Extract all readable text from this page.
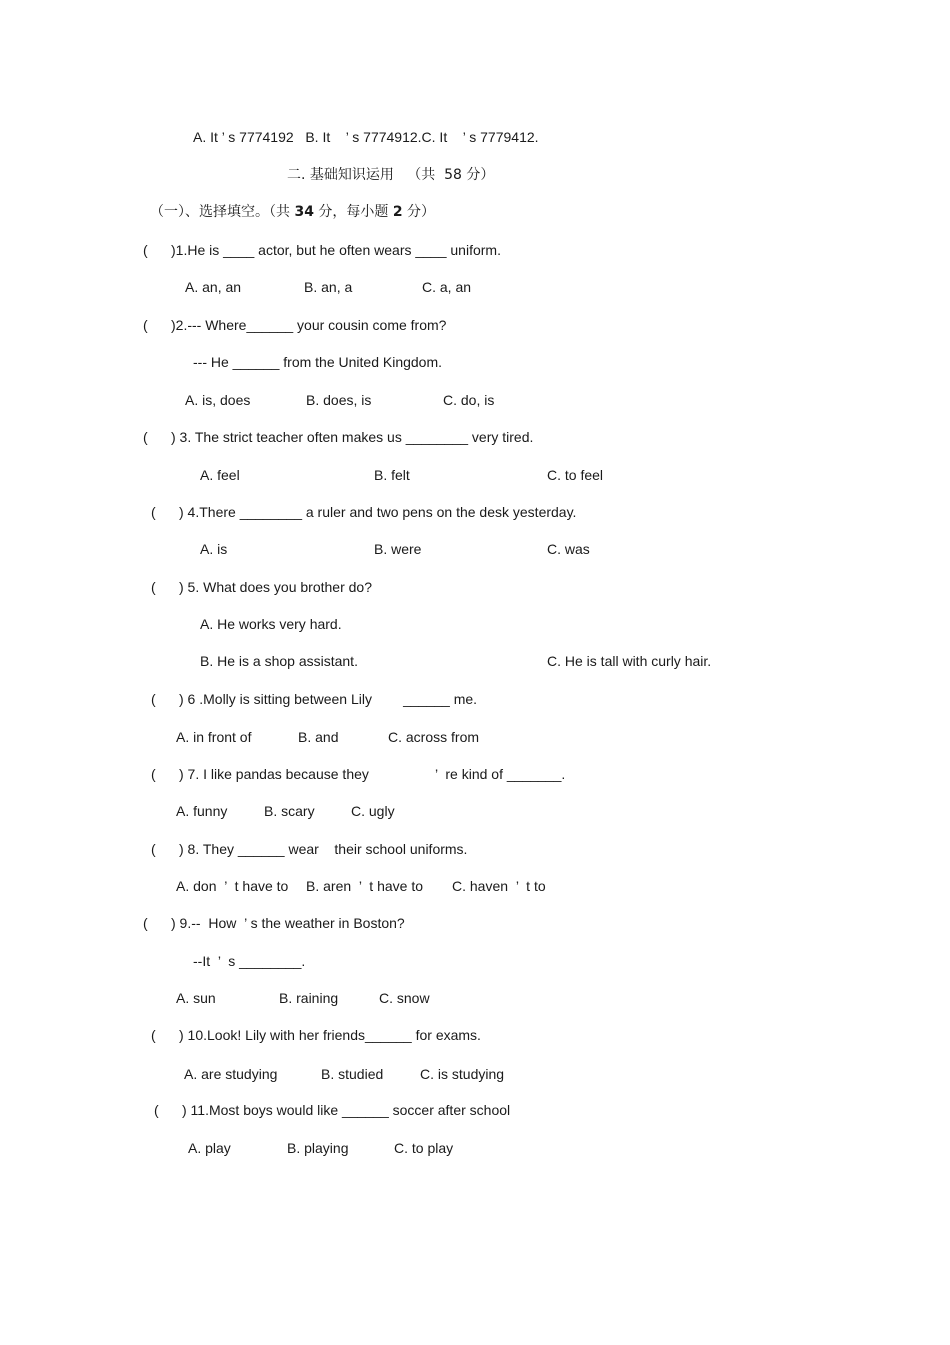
A. It ’ s 7774192   B. It    ’ s 7774912.C. It    ’ s 7779412.
二. 基础知识运用   （共  58 分）
（一）、选择填空。（共 34 分，每小题 2 分）
(      )1.He is ____ actor, but he often wears ____ uniform.
A. an, an	B. an, a	C. a, an
(      )2.--- Where______ your cousin come from?
--- He ______ from the United Kingdom.
A. is, does	B. does, is	C. do, is
(      ) 3. The strict teacher often makes us ________ very tired.
A. feel	B. felt	C. to feel
(      ) 4.There ________ a ruler and two pens on the desk yesterday.
A. is	B. were	C. was
(      ) 5. What does you brother do?
A. He works very hard.
B. He is a shop assistant.	C. He is tall with curly hair.
(      ) 6 .Molly is sitting between Lily        ______ me.
A. in front of	B. and	C. across from
(      ) 7. I like pandas because they                 ’  re kind of _______.
A. funny	B. scary	C. ugly
(      ) 8. They ______ wear    their school uniforms.
A. don  ’  t have to B. aren  ’  t have to C. haven  ’  t to
(      ) 9.--  How  ’ s the weather in Boston?
--It  ’  s ________.
A. sun	B. raining	C. snow
(      ) 10.Look! Lily with her friends______ for exams.
A. are studying	B. studied	C. is studying
(      ) 11.Most boys would like ______ soccer after school
A. play	B. playing	C. to play
